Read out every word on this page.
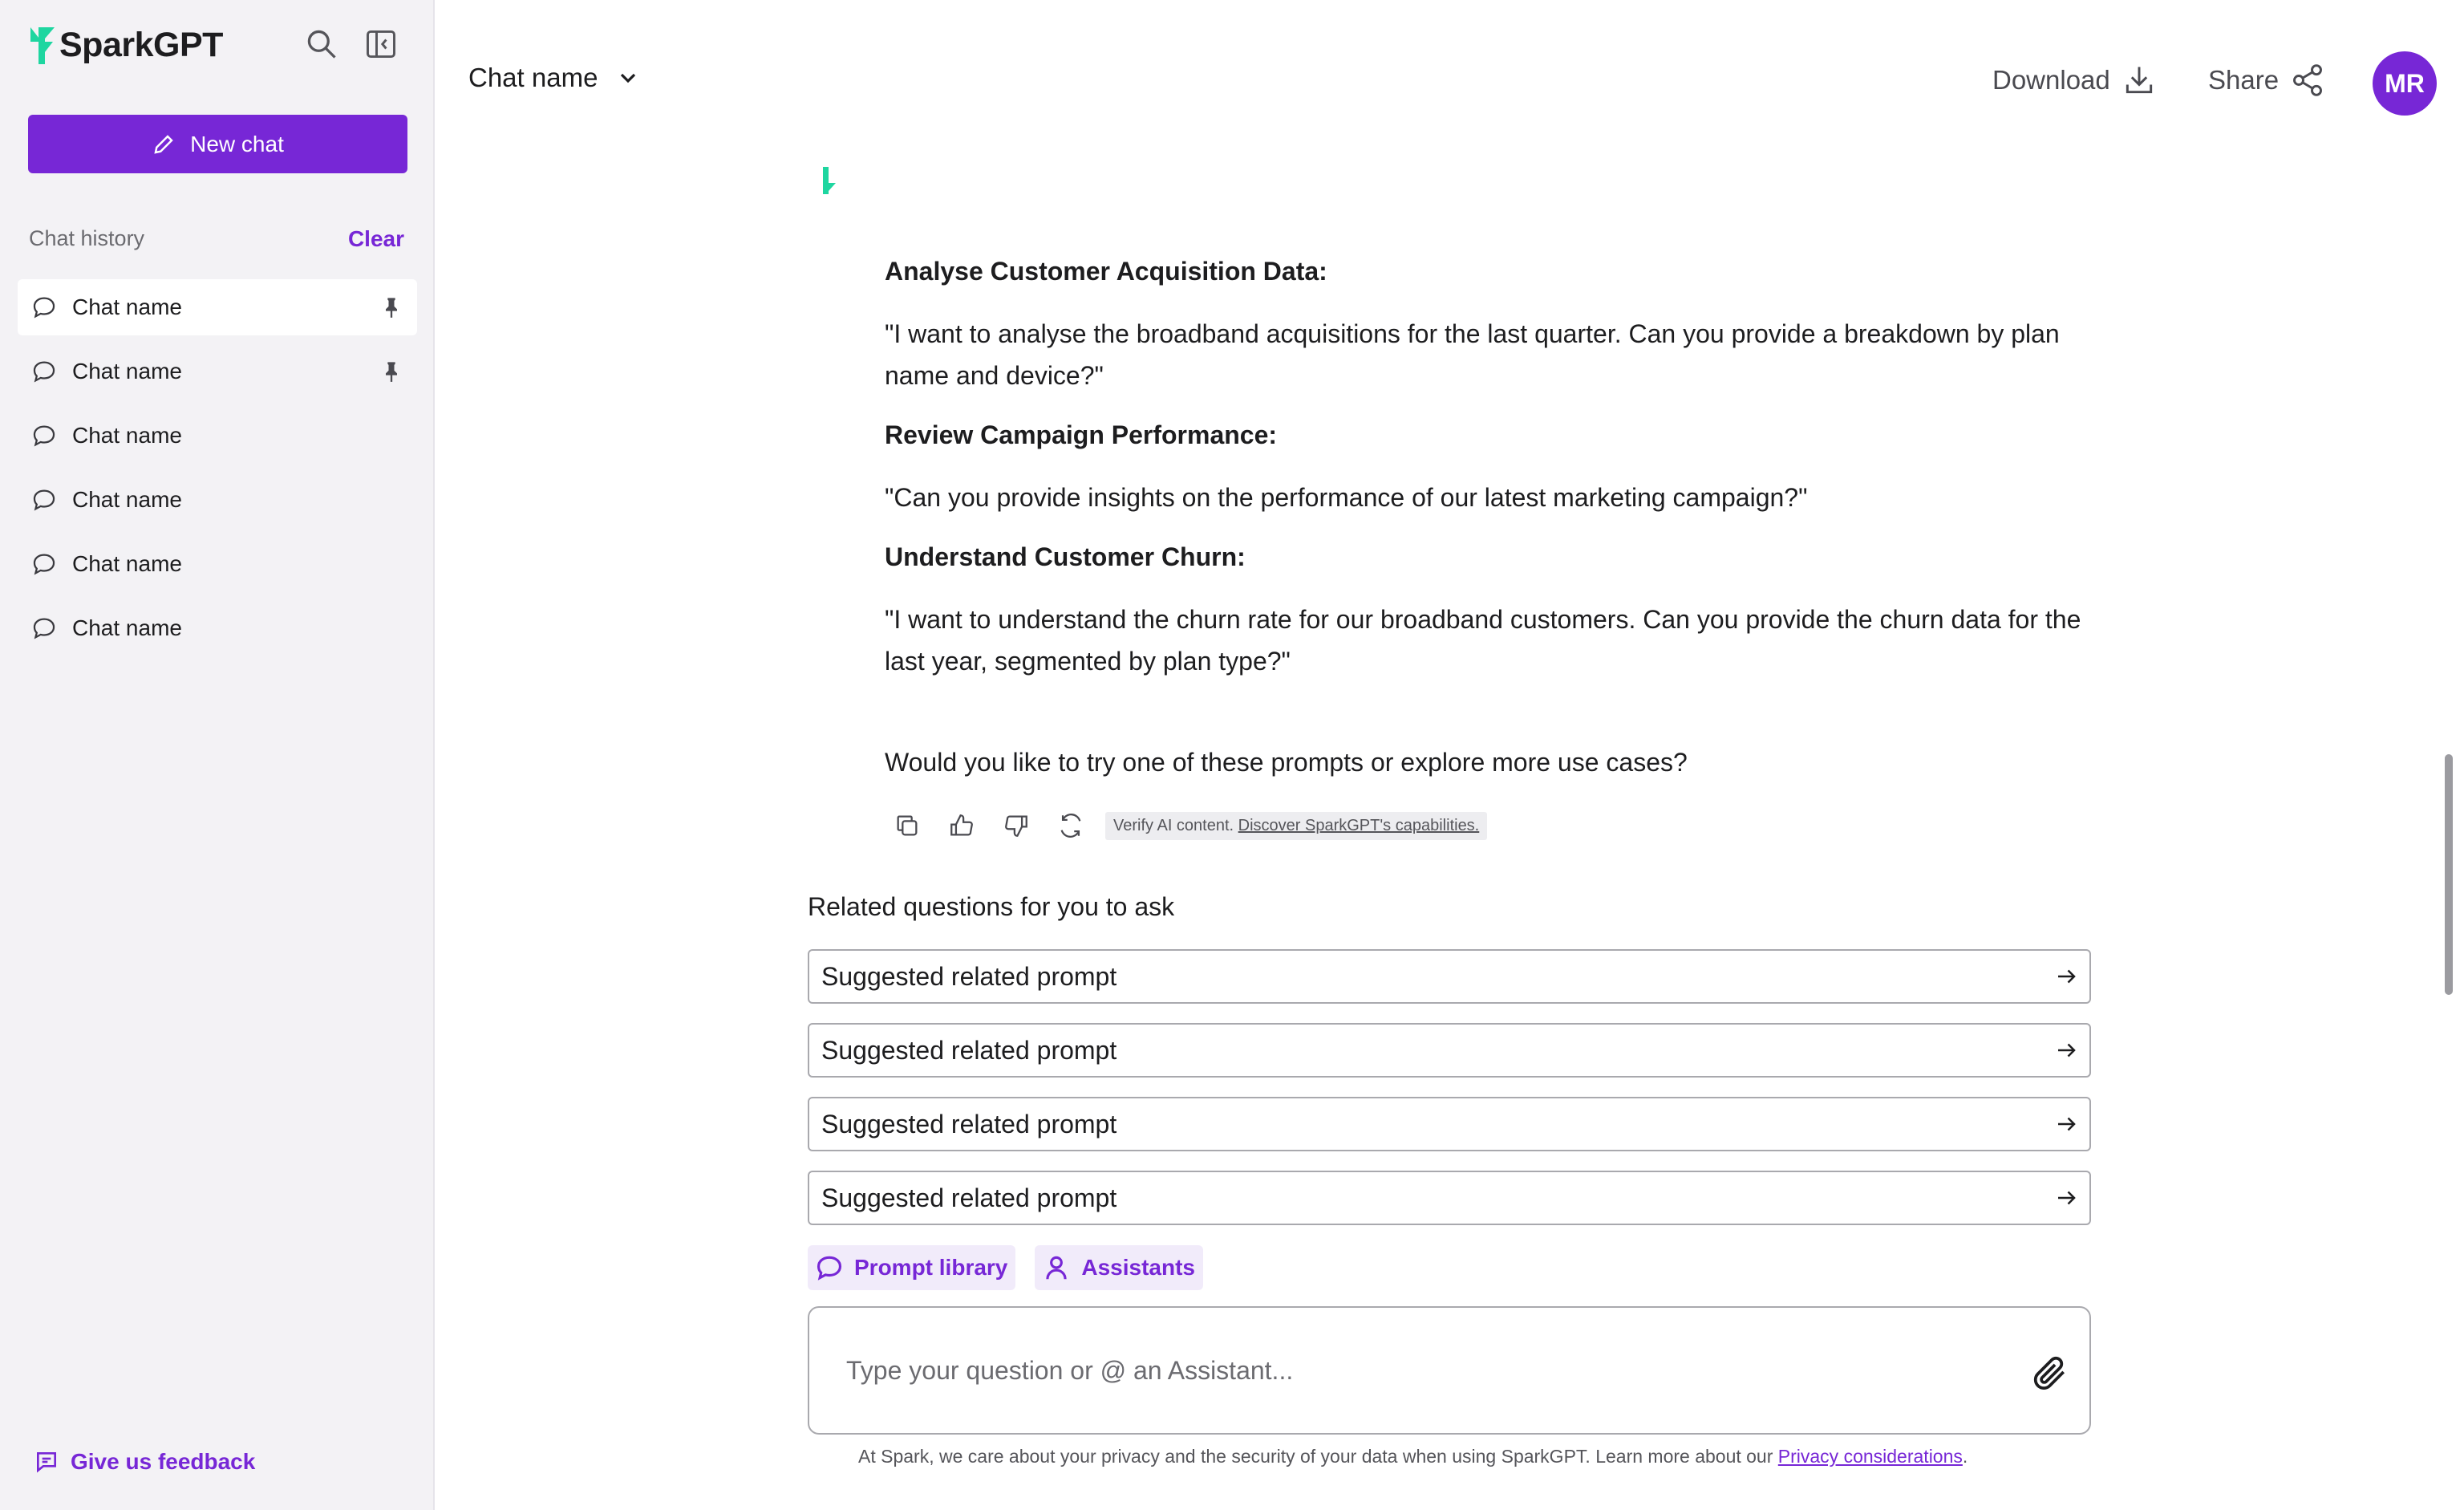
SparkGPT
New chat
Chat history	Clear
Chat name
Chat name
Chat name
Chat name
Chat name
Chat name
Give us feedback
Chat name	Download	Share	MR
Analyse Customer Acquisition Data:
"I want to analyse the broadband acquisitions for the last quarter. Can you provide a breakdown by plan name and device?"
Review Campaign Performance:
"Can you provide insights on the performance of our latest marketing campaign?"
Understand Customer Churn:
"I want to understand the churn rate for our broadband customers. Can you provide the churn data for the last year, segmented by plan type?"
Would you like to try one of these prompts or explore more use cases?
Verify AI content. Discover SparkGPT's capabilities.
Related questions for you to ask
Suggested related prompt
Suggested related prompt
Suggested related prompt
Suggested related prompt
Prompt library	Assistants
Type your question or @ an Assistant...
At Spark, we care about your privacy and the security of your data when using SparkGPT. Learn more about our Privacy considerations.
